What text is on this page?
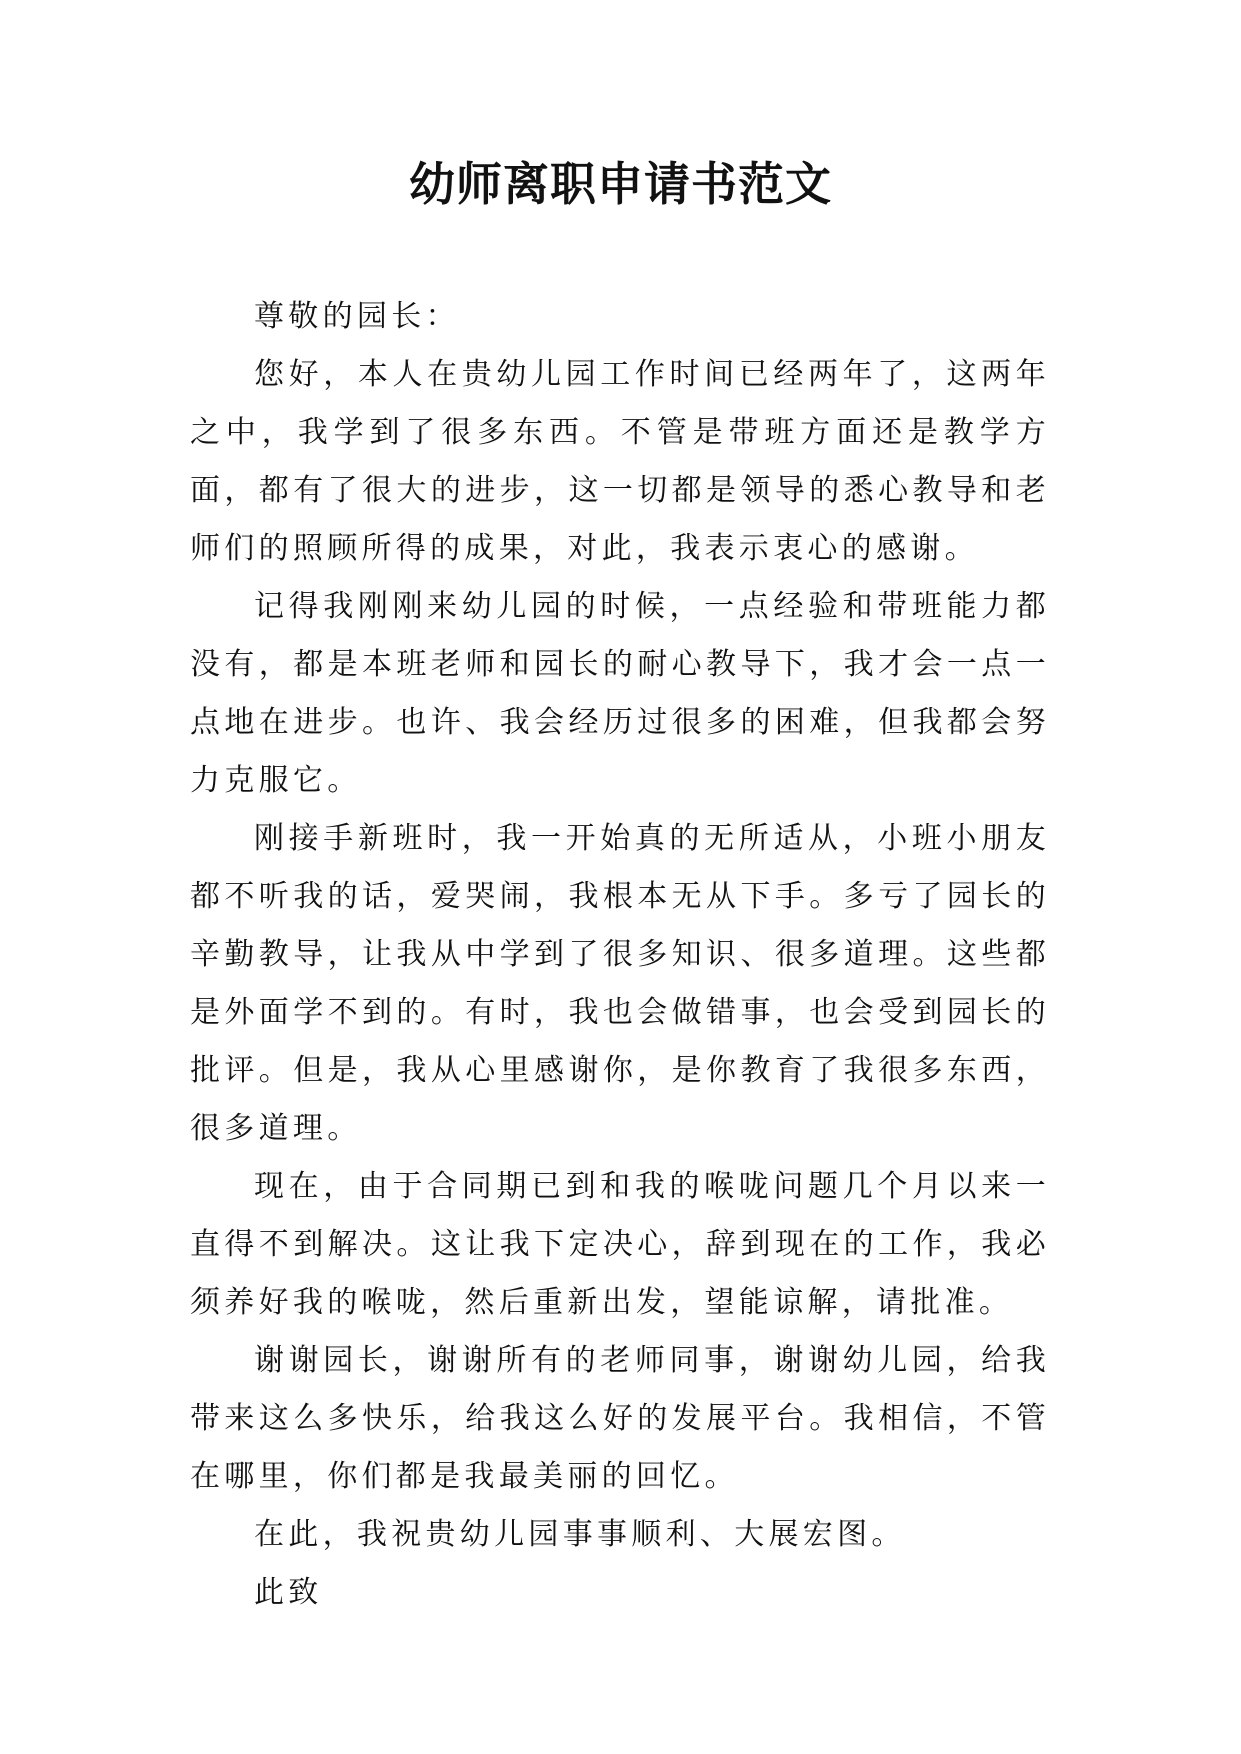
幼师离职申请书范文

尊敬的园长：

您好，本人在贵幼儿园工作时间已经两年了，这两年之中，我学到了很多东西。不管是带班方面还是教学方面，都有了很大的进步，这一切都是领导的悉心教导和老师们的照顾所得的成果，对此，我表示衷心的感谢。

记得我刚刚来幼儿园的时候，一点经验和带班能力都没有，都是本班老师和园长的耐心教导下，我才会一点一点地在进步。也许、我会经历过很多的困难，但我都会努力克服它。

刚接手新班时，我一开始真的无所适从，小班小朋友都不听我的话，爱哭闹，我根本无从下手。多亏了园长的辛勤教导，让我从中学到了很多知识、很多道理。这些都是外面学不到的。有时，我也会做错事，也会受到园长的批评。但是，我从心里感谢你，是你教育了我很多东西，很多道理。

现在，由于合同期已到和我的喉咙问题几个月以来一直得不到解决。这让我下定决心，辞到现在的工作，我必须养好我的喉咙，然后重新出发，望能谅解，请批准。

谢谢园长，谢谢所有的老师同事，谢谢幼儿园，给我带来这么多快乐，给我这么好的发展平台。我相信，不管在哪里，你们都是我最美丽的回忆。

在此，我祝贵幼儿园事事顺利、大展宏图。

此致
